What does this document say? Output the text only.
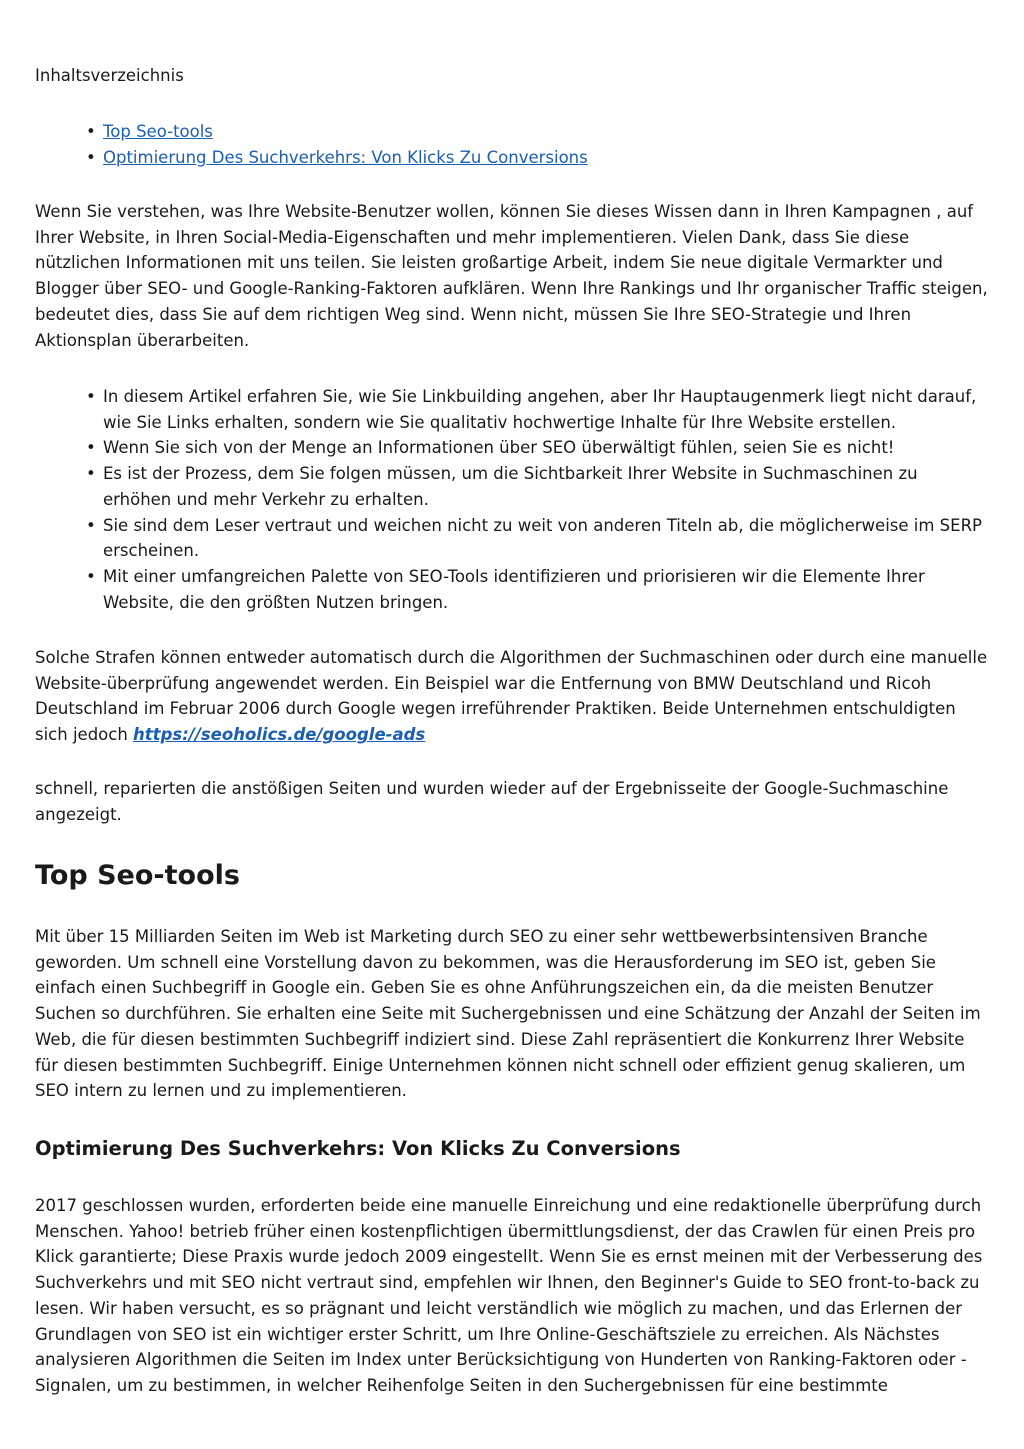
Inhaltsverzeichnis

• Top Seo-tools
• Optimierung Des Suchverkehrs: Von Klicks Zu Conversions

Wenn Sie verstehen, was Ihre Website-Benutzer wollen, können Sie dieses Wissen dann in Ihren Kampagnen , auf Ihrer Website, in Ihren Social-Media-Eigenschaften und mehr implementieren. Vielen Dank, dass Sie diese nützlichen Informationen mit uns teilen. Sie leisten großartige Arbeit, indem Sie neue digitale Vermarkter und Blogger über SEO- und Google-Ranking-Faktoren aufklären. Wenn Ihre Rankings und Ihr organischer Traffic steigen, bedeutet dies, dass Sie auf dem richtigen Weg sind. Wenn nicht, müssen Sie Ihre SEO-Strategie und Ihren Aktionsplan überarbeiten.

• In diesem Artikel erfahren Sie, wie Sie Linkbuilding angehen, aber Ihr Hauptaugenmerk liegt nicht darauf, wie Sie Links erhalten, sondern wie Sie qualitativ hochwertige Inhalte für Ihre Website erstellen.
• Wenn Sie sich von der Menge an Informationen über SEO überwältigt fühlen, seien Sie es nicht!
• Es ist der Prozess, dem Sie folgen müssen, um die Sichtbarkeit Ihrer Website in Suchmaschinen zu erhöhen und mehr Verkehr zu erhalten.
• Sie sind dem Leser vertraut und weichen nicht zu weit von anderen Titeln ab, die möglicherweise im SERP erscheinen.
• Mit einer umfangreichen Palette von SEO-Tools identifizieren und priorisieren wir die Elemente Ihrer Website, die den größten Nutzen bringen.

Solche Strafen können entweder automatisch durch die Algorithmen der Suchmaschinen oder durch eine manuelle Website-überprüfung angewendet werden. Ein Beispiel war die Entfernung von BMW Deutschland und Ricoh Deutschland im Februar 2006 durch Google wegen irreführender Praktiken. Beide Unternehmen entschuldigten sich jedoch https://seoholics.de/google-ads

schnell, reparierten die anstößigen Seiten und wurden wieder auf der Ergebnisseite der Google-Suchmaschine angezeigt.

Top Seo-tools

Mit über 15 Milliarden Seiten im Web ist Marketing durch SEO zu einer sehr wettbewerbsintensiven Branche geworden. Um schnell eine Vorstellung davon zu bekommen, was die Herausforderung im SEO ist, geben Sie einfach einen Suchbegriff in Google ein. Geben Sie es ohne Anführungszeichen ein, da die meisten Benutzer Suchen so durchführen. Sie erhalten eine Seite mit Suchergebnissen und eine Schätzung der Anzahl der Seiten im Web, die für diesen bestimmten Suchbegriff indiziert sind. Diese Zahl repräsentiert die Konkurrenz Ihrer Website für diesen bestimmten Suchbegriff. Einige Unternehmen können nicht schnell oder effizient genug skalieren, um SEO intern zu lernen und zu implementieren.

Optimierung Des Suchverkehrs: Von Klicks Zu Conversions

2017 geschlossen wurden, erforderten beide eine manuelle Einreichung und eine redaktionelle überprüfung durch Menschen. Yahoo! betrieb früher einen kostenpflichtigen übermittlungsdienst, der das Crawlen für einen Preis pro Klick garantierte; Diese Praxis wurde jedoch 2009 eingestellt. Wenn Sie es ernst meinen mit der Verbesserung des Suchverkehrs und mit SEO nicht vertraut sind, empfehlen wir Ihnen, den Beginner's Guide to SEO front-to-back zu lesen. Wir haben versucht, es so prägnant und leicht verständlich wie möglich zu machen, und das Erlernen der Grundlagen von SEO ist ein wichtiger erster Schritt, um Ihre Online-Geschäftsziele zu erreichen. Als Nächstes analysieren Algorithmen die Seiten im Index unter Berücksichtigung von Hunderten von Ranking-Faktoren oder -Signalen, um zu bestimmen, in welcher Reihenfolge Seiten in den Suchergebnissen für eine bestimmte
